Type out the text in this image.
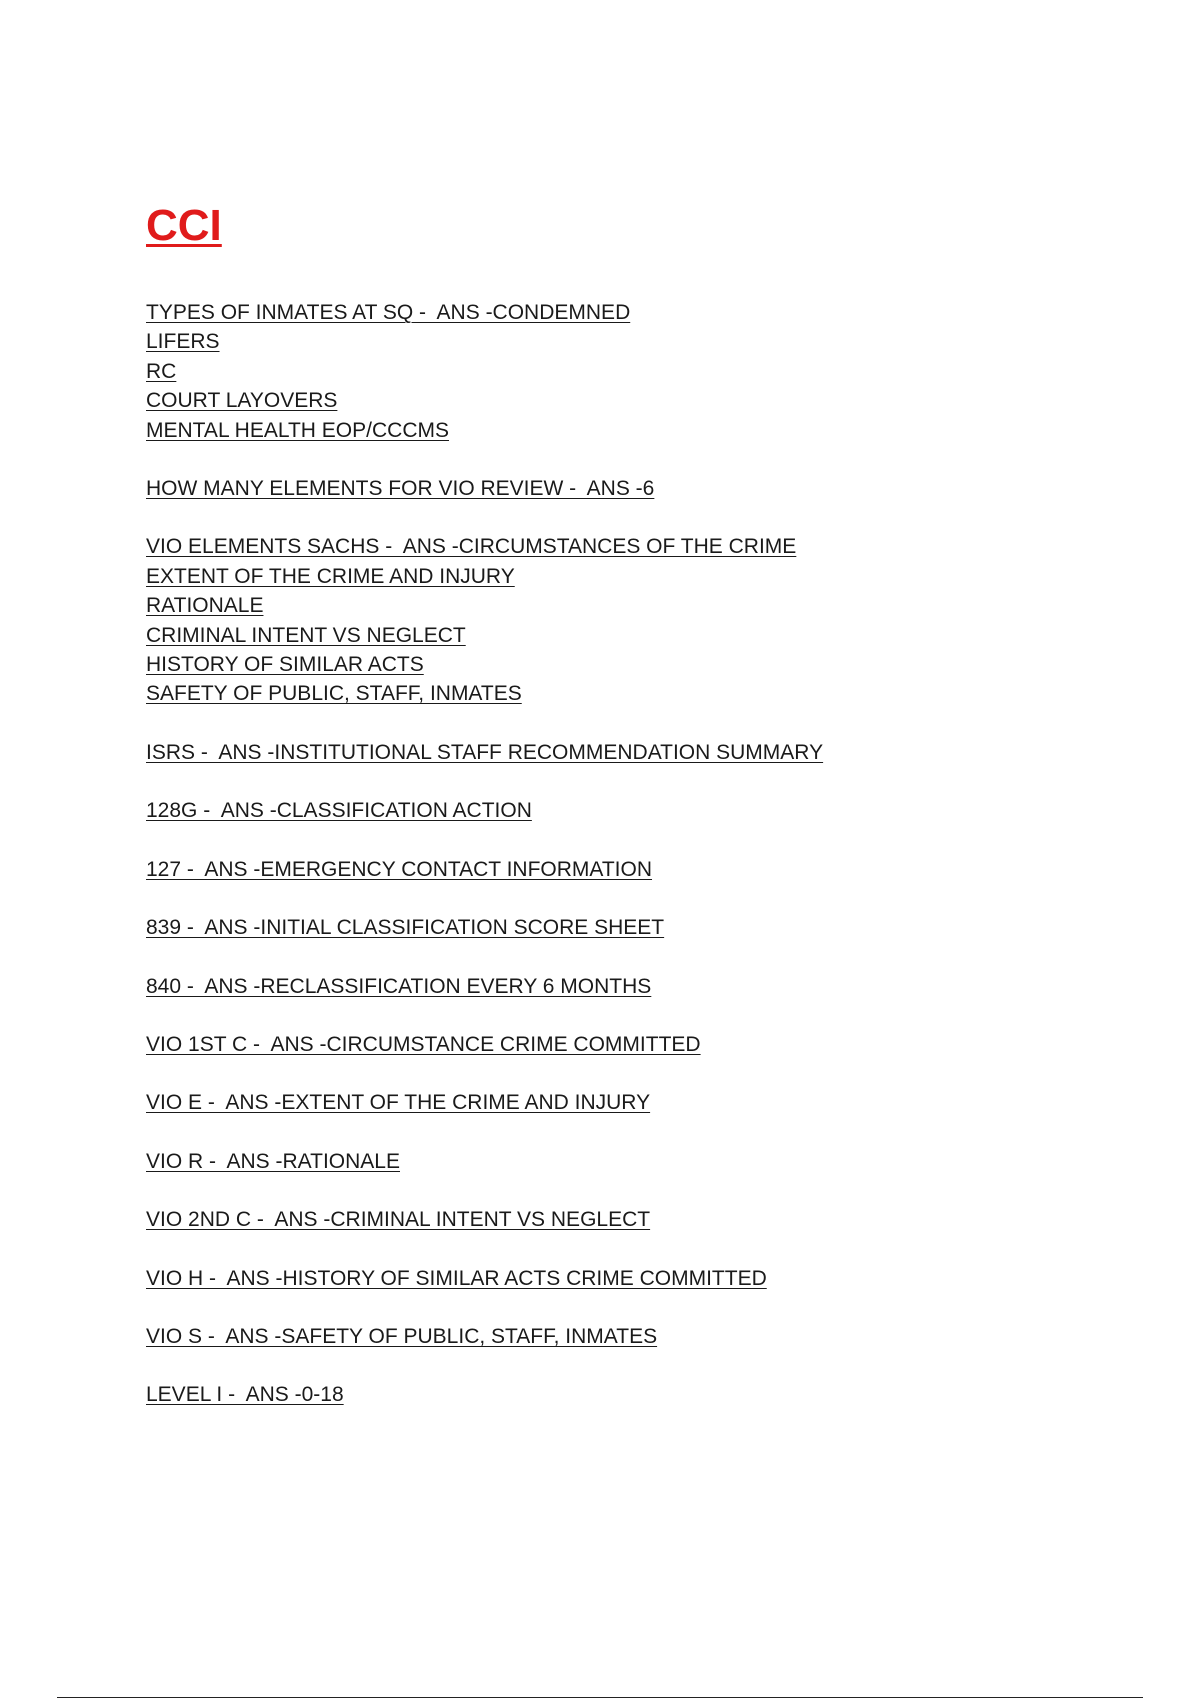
CCI
TYPES OF INMATES AT SQ -  ANS -CONDEMNED
LIFERS
RC
COURT LAYOVERS
MENTAL HEALTH EOP/CCCMS
HOW MANY ELEMENTS FOR VIO REVIEW -  ANS -6
VIO ELEMENTS SACHS -  ANS -CIRCUMSTANCES OF THE CRIME
EXTENT OF THE CRIME AND INJURY
RATIONALE
CRIMINAL INTENT VS NEGLECT
HISTORY OF SIMILAR ACTS
SAFETY OF PUBLIC, STAFF, INMATES
ISRS -  ANS -INSTITUTIONAL STAFF RECOMMENDATION SUMMARY
128G -  ANS -CLASSIFICATION ACTION
127 -  ANS -EMERGENCY CONTACT INFORMATION
839 -  ANS -INITIAL CLASSIFICATION SCORE SHEET
840 -  ANS -RECLASSIFICATION EVERY 6 MONTHS
VIO 1ST C -  ANS -CIRCUMSTANCE CRIME COMMITTED
VIO E -  ANS -EXTENT OF THE CRIME AND INJURY
VIO R -  ANS -RATIONALE
VIO 2ND C -  ANS -CRIMINAL INTENT VS NEGLECT
VIO H -  ANS -HISTORY OF SIMILAR ACTS CRIME COMMITTED
VIO S -  ANS -SAFETY OF PUBLIC, STAFF, INMATES
LEVEL I -  ANS -0-18
